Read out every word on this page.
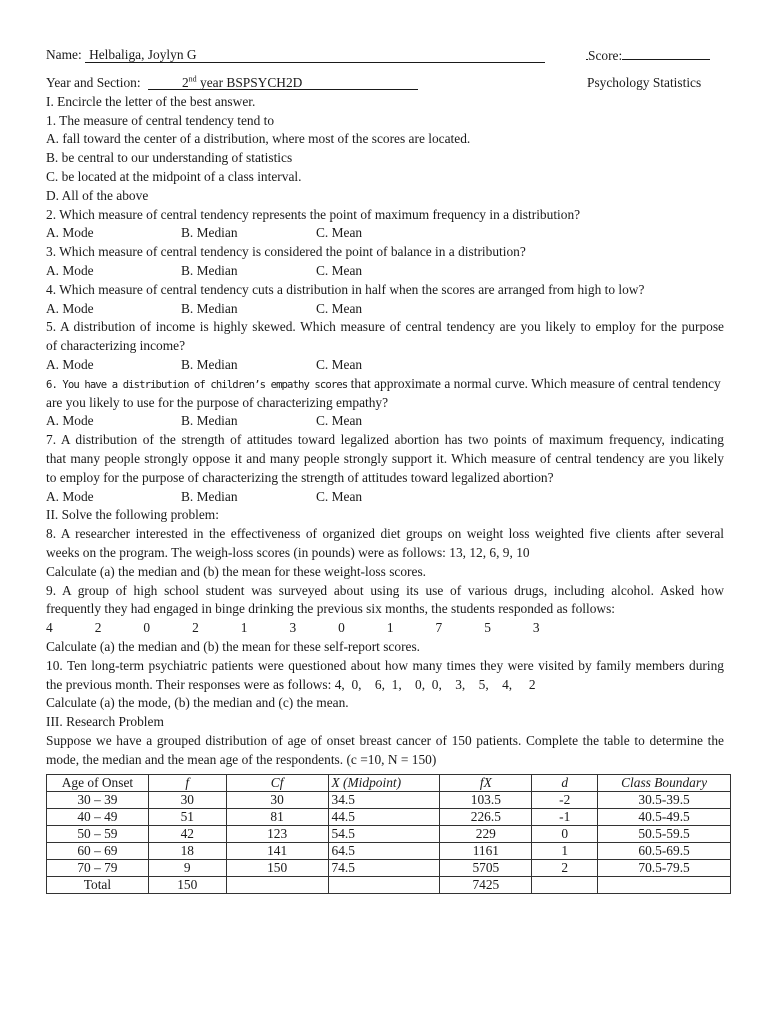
Name: Helbaliga, Joylyn G	Score:
Year and Section:	2nd year BSPSYCH2D	Psychology Statistics
I. Encircle the letter of the best answer.
1. The measure of central tendency tend to
A. fall toward the center of a distribution, where most of the scores are located.
B. be central to our understanding of statistics
C. be located at the midpoint of a class interval.
D. All of the above
2. Which measure of central tendency represents the point of maximum frequency in a distribution?
A. Mode	B. Median	C. Mean
3. Which measure of central tendency is considered the point of balance in a distribution?
A. Mode	B. Median	C. Mean
4. Which measure of central tendency cuts a distribution in half when the scores are arranged from high to low?
A. Mode	B. Median	C. Mean
5. A distribution of income is highly skewed. Which measure of central tendency are you likely to employ for the purpose
of characterizing income?
A. Mode	B. Median	C. Mean
6. You have a distribution of children’s empathy scores that approximate a normal curve. Which measure of central tendency
are you likely to use for the purpose of characterizing empathy?
A. Mode	B. Median	C. Mean
7. A distribution of the strength of attitudes toward legalized abortion has two points of maximum frequency, indicating
that many people strongly oppose it and many people strongly support it. Which measure of central tendency are you likely
to employ for the purpose of characterizing the strength of attitudes toward legalized abortion?
A. Mode	B. Median	C. Mean
II. Solve the following problem:
8. A researcher interested in the effectiveness of organized diet groups on weight loss weighted five clients after several
weeks on the program. The weigh-loss scores (in pounds) were as follows: 13, 12, 6, 9, 10
Calculate (a) the median and (b) the mean for these weight-loss scores.
9. A group of high school student was surveyed about using its use of various drugs, including alcohol. Asked how
frequently they had engaged in binge drinking the previous six months, the students responded as follows:
4	2	0	2	1	3	0	1	7	5	3
Calculate (a) the median and (b) the mean for these self-report scores.
10. Ten long-term psychiatric patients were questioned about how many times they were visited by family members during
the previous month. Their responses were as follows: 4,  0,    6,  1,    0,  0,    3,    5,    4,     2
Calculate (a) the mode, (b) the median and (c) the mean.
III. Research Problem
Suppose we have a grouped distribution of age of onset breast cancer of 150 patients. Complete the table to determine the
mode, the median and the mean age of the respondents. (c =10, N = 150)
Age of Onset	f	Cf	X (Midpoint)	fX	d	Class Boundary
30 – 39	30	30	34.5	103.5	-2	30.5-39.5
40 – 49	51	81	44.5	226.5	-1	40.5-49.5
50 – 59	42	123	54.5	229	0	50.5-59.5
60 – 69	18	141	64.5	1161	1	60.5-69.5
70 – 79	9	150	74.5	5705	2	70.5-79.5
Total	150			7425		
